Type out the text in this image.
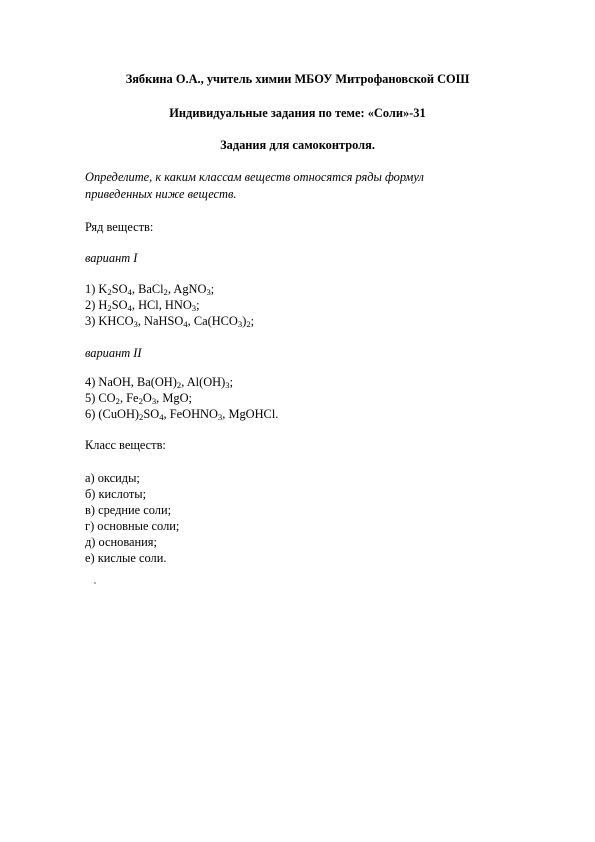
Зябкина О.А., учитель химии МБОУ Митрофановской СОШ
Индивидуальные задания по теме: «Соли»-31
Задания для самоконтроля.
Определите, к каким классам веществ относятся ряды формул
приведенных ниже веществ.
Ряд веществ:
вариант I
1) $K_2SO_4$, BaCl$_2$, AgNO$_3$;
2) $H_2SO_4$, HCl, $HNO_3$;
3) $KHCO_3$, NaHSO$_4$, $Ca(HCO_3)_2$;
вариант II
4) NaOH, $Ba(OH)_2$, $Al(OH)_3$;
5) $CO_2$, $Fe_2O_3$, MgO;
6) $(CuOH)_2SO_4$, FeOHNO$_3$, MgOHCl.
Класс веществ:
а) оксиды;
б) кислоты;
в) средние соли;
г) основные соли;
д) основания;
е) кислые соли.
